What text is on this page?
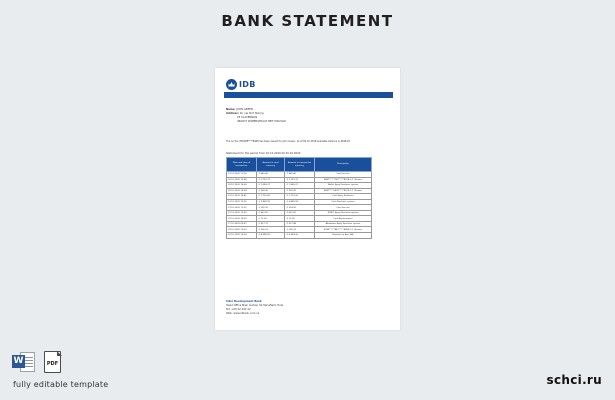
BANK STATEMENT
IDB
Name: JOHN GREEN
Address: Dr. nie Prof Sterrig
25 KLAVERNLIN
4690CT ZOMERSTRAAT MET MAUVAN
The on the 7894DE****8468 has been issued for John Green. As of 09.10.2018 available balance is 4948.25
Statement for the period from 01.10.2020 till 20.10.2020
Date and time of transaction	Amount in card currency	Amount in transaction currency	Description
01.10.2020 11:26	-€ 480.40	-€ 480.40	Cash Service
02.10.2020 12:48	-€ 2,752.37	-€ 2,752.37	8987****7787*****8976-1-1 Ukraine
03.10.2020 14:06	-€ 1,080.07	-€ 1,080.07	Wallet Epay Purchase system
05.10.2020 16:34	-€ 509.30	-€ 509.30	4687****5478*****8975-1-1 Ukraine
10.10.2020 14:41	-€ 7,710.00	-€ 7,710.00	Cash Epay Kinbanier
12.10.2020 13:25	-€ 9,469.93	-€ 9,469.93	Cash Purchase system
13.10.2020 11:02	-€ 295.32	-€ 324.00	Cash Service
15.10.2020 12:39	-€ 422.00	-€ 422.00	JDDPC Epay Purchase system
15.10.2020 14:55	-€ 12.00	-€ 12.00	Card Replacement
17.10.2020 09:52	-€ 927.37	-€ 927.44	Allowwmn Epay Purchase system
18.10.2020 13:03	-€ 236.23	-€ 236.23	8789****7847*****8985-1-1 Ukraine
20.10.2020 15:04	-€ 6,089.00	-€ 6,089.00	Payment to Ann SNL
Inter Development Bank
Head Office Main Gudian 01 Mansfield, Hola
Tel: +00 22 222 22
Web: www.idbank.com.ca
W	PDF
fully editable template	schci.ru
